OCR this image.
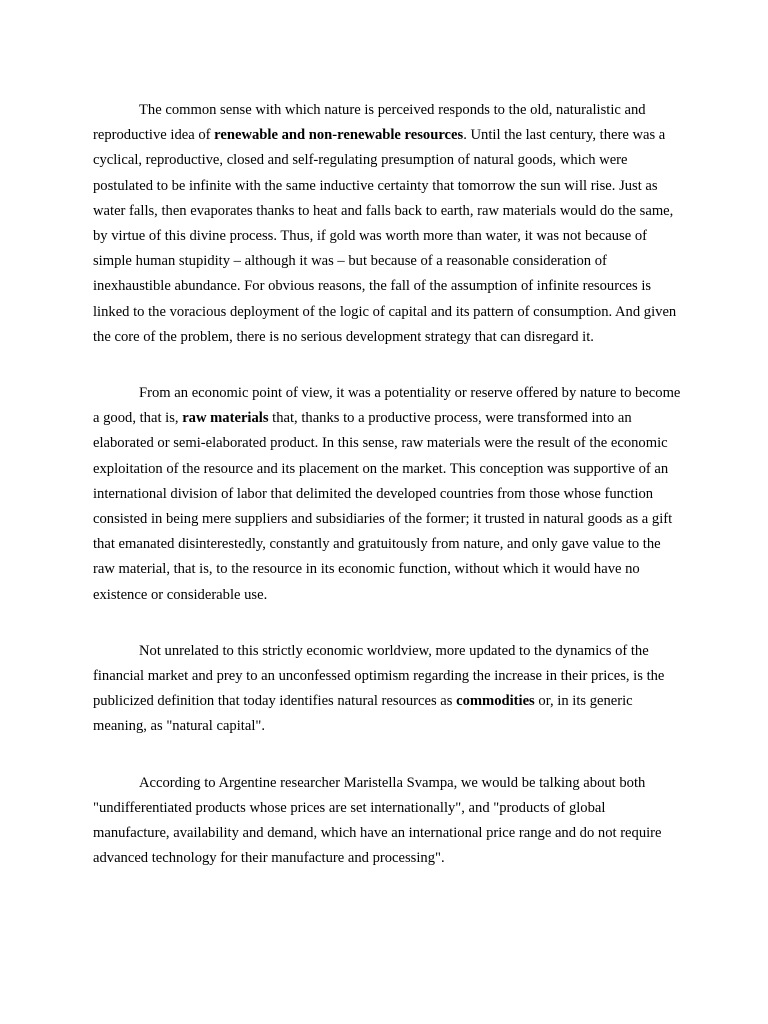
The common sense with which nature is perceived responds to the old, naturalistic and reproductive idea of renewable and non-renewable resources. Until the last century, there was a cyclical, reproductive, closed and self-regulating presumption of natural goods, which were postulated to be infinite with the same inductive certainty that tomorrow the sun will rise. Just as water falls, then evaporates thanks to heat and falls back to earth, raw materials would do the same, by virtue of this divine process. Thus, if gold was worth more than water, it was not because of simple human stupidity – although it was – but because of a reasonable consideration of inexhaustible abundance. For obvious reasons, the fall of the assumption of infinite resources is linked to the voracious deployment of the logic of capital and its pattern of consumption. And given the core of the problem, there is no serious development strategy that can disregard it.

From an economic point of view, it was a potentiality or reserve offered by nature to become a good, that is, raw materials that, thanks to a productive process, were transformed into an elaborated or semi-elaborated product. In this sense, raw materials were the result of the economic exploitation of the resource and its placement on the market. This conception was supportive of an international division of labor that delimited the developed countries from those whose function consisted in being mere suppliers and subsidiaries of the former; it trusted in natural goods as a gift that emanated disinterestedly, constantly and gratuitously from nature, and only gave value to the raw material, that is, to the resource in its economic function, without which it would have no existence or considerable use.

Not unrelated to this strictly economic worldview, more updated to the dynamics of the financial market and prey to an unconfessed optimism regarding the increase in their prices, is the publicized definition that today identifies natural resources as commodities or, in its generic meaning, as "natural capital".

According to Argentine researcher Maristella Svampa, we would be talking about both "undifferentiated products whose prices are set internationally", and "products of global manufacture, availability and demand, which have an international price range and do not require advanced technology for their manufacture and processing".
